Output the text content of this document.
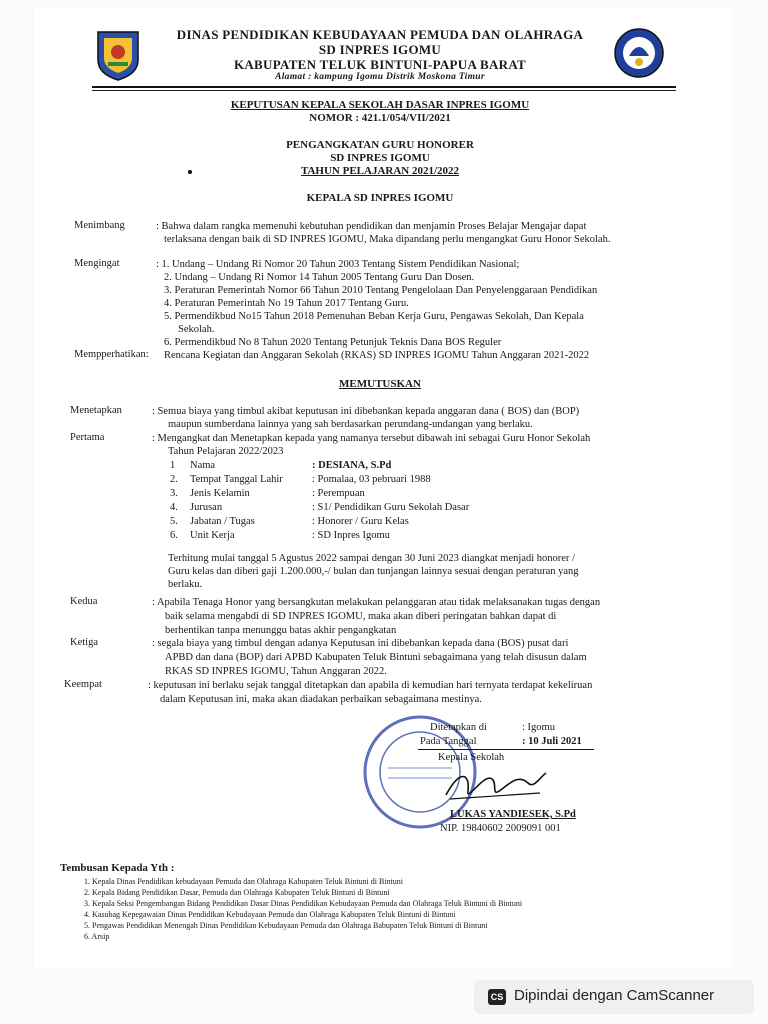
DINAS PENDIDIKAN KEBUDAYAAN PEMUDA DAN OLAHRAGA
SD INPRES IGOMU
KABUPATEN TELUK BINTUNI-PAPUA BARAT
Alamat : kampung Igomu Distrik Moskona Timur
KEPUTUSAN KEPALA SEKOLAH DASAR INPRES IGOMU
NOMOR : 421.1/054/VII/2021
PENGANGKATAN GURU HONORER
SD INPRES IGOMU
TAHUN PELAJARAN 2021/2022
KEPALA SD INPRES IGOMU
Menimbang	: Bahwa dalam rangka memenuhi kebutuhan pendidikan dan menjamin Proses Belajar Mengajar dapat
terlaksana dengan baik di SD INPRES IGOMU, Maka dipandang perlu mengangkat Guru Honor Sekolah.
Mengingat	: 1. Undang – Undang Ri Nomor 20 Tahun 2003 Tentang Sistem Pendidikan Nasional;
2. Undang – Undang Ri Nomor 14 Tahun 2005 Tentang Guru Dan Dosen.
3. Peraturan Pemerintah Nomor 66 Tahun 2010 Tentang Pengelolaan Dan Penyelenggaraan Pendidikan
4. Peraturan Pemerintah No 19 Tahun 2017 Tentang Guru.
5. Permendikbud No15 Tahun 2018 Pemenuhan Beban Kerja Guru, Pengawas Sekolah, Dan Kepala
Sekolah.
6. Permendikbud No 8 Tahun 2020 Tentang Petunjuk Teknis Dana BOS Reguler
Mempperhatikan: Rencana Kegiatan dan Anggaran Sekolah (RKAS) SD INPRES IGOMU Tahun Anggaran 2021-2022
MEMUTUSKAN
Menetapkan	: Semua biaya yang timbul akibat keputusan ini dibebankan kepada anggaran dana ( BOS) dan (BOP)
maupun sumberdana lainnya yang sah berdasarkan perundang-undangan yang berlaku.
Pertama	: Mengangkat dan Menetapkan kepada yang namanya tersebut dibawah ini sebagai Guru Honor Sekolah
Tahun Pelajaran 2022/2023
1 Nama	: DESIANA, S.Pd
2. Tempat Tanggal Lahir	: Pomalaa, 03 pebruari 1988
3. Jenis Kelamin	: Perempuan
4. Jurusan	: S1/ Pendidikan Guru Sekolah Dasar
5. Jabatan / Tugas	: Honorer / Guru Kelas
6. Unit Kerja	: SD Inpres Igomu
Terhitung mulai tanggal 5 Agustus 2022 sampai dengan 30 Juni 2023 diangkat menjadi honorer /
Guru kelas dan diberi gaji 1.200.000,-/ bulan dan tunjangan lainnya sesuai dengan peraturan yang
berlaku.
Kedua	: Apabila Tenaga Honor yang bersangkutan melakukan pelanggaran atau tidak melaksanakan tugas dengan
baik selama mengabdi di SD INPRES IGOMU, maka akan diberi peringatan bahkan dapat di
berhentikan tanpa menunggu batas akhir pengangkatan
Ketiga	: segala biaya yang timbul dengan adanya Keputusan ini dibebankan kepada dana (BOS) pusat dari
APBD dan dana (BOP) dari APBD Kabupaten Teluk Bintuni sebagaimana yang telah disusun dalam
RKAS SD INPRES IGOMU, Tahun Anggaran 2022.
Keempat	: keputusan ini berlaku sejak tanggal ditetapkan dan apabila di kemudian hari ternyata terdapat kekeliruan
dalam Keputusan ini, maka akan diadakan perbaikan sebagaimana mestinya.
Ditetapkan di	: Igomu
Pada Tanggal	: 10 Juli 2021
Kepala Sekolah
LUKAS YANDIESEK, S.Pd
NIP. 19840602 2009091 001
Tembusan Kepada Yth :
1. Kepala Dinas Pendidikan kebudayaan Pemuda dan Olahraga Kabupaten Teluk Bintuni di Bintuni
2. Kepala Bidang Pendidikan Dasar, Pemuda dan Olahraga Kabupaten Teluk Bintuni di Bintuni
3. Kepala Seksi Pengembangan Bidang Pendidikan Dasar Dinas Pendidikan Kebudayaan Pemuda dan Olahraga Teluk Bintuni di Bintuni
4. Kasubag Kepegawaian Dinas Pendidikan Kebudayaan Pemuda dan Olahraga Kabupaten Teluk Bintuni di Bintuni
5. Pengawas Pendidikan Menengah Dinas Pendidikan Kebudayaan Pemuda dan Olahraga Babupaten Teluk Bintuni di Bintuni
6. Arsip
CS Dipindai dengan CamScanner
